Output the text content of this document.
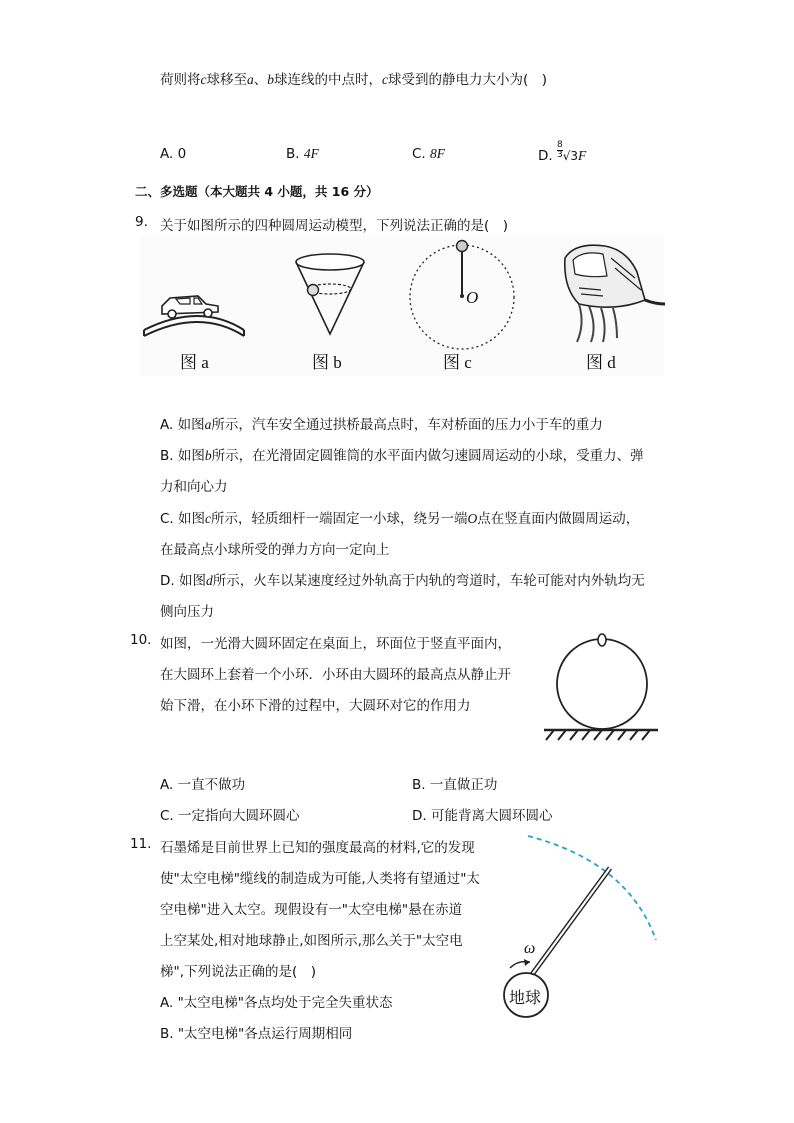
荷则将c球移至a、b球连线的中点时，c球受到的静电力大小为(　)
A. 0	B. 4F	C. 8F	D. $\frac{8}{3} √3F$
二、多选题（本大题共 4 小题，共 16 分）
9. 关于如图所示的四种圆周运动模型，下列说法正确的是(　)
O
图 a	图 b	图 c	图 d
A. 如图a所示，汽车安全通过拱桥最高点时，车对桥面的压力小于车的重力
B. 如图b所示，在光滑固定圆锥筒的水平面内做匀速圆周运动的小球，受重力、弹
力和向心力
C. 如图c所示，轻质细杆一端固定一小球，绕另一端O点在竖直面内做圆周运动，
在最高点小球所受的弹力方向一定向上
D. 如图d所示，火车以某速度经过外轨高于内轨的弯道时，车轮可能对内外轨均无
侧向压力
10. 如图，一光滑大圆环固定在桌面上，环面位于竖直平面内，
在大圆环上套着一个小环．小环由大圆环的最高点从静止开
始下滑，在小环下滑的过程中，大圆环对它的作用力
A. 一直不做功	B. 一直做正功
C. 一定指向大圆环圆心	D. 可能背离大圆环圆心
11. 石墨烯是目前世界上已知的强度最高的材料,它的发现
使"太空电梯"缆线的制造成为可能,人类将有望通过"太
空电梯"进入太空。现假设有一"太空电梯"悬在赤道
上空某处,相对地球静止,如图所示,那么关于"太空电
梯",下列说法正确的是(　)
A. "太空电梯"各点均处于完全失重状态
B. "太空电梯"各点运行周期相同
地球
ω
